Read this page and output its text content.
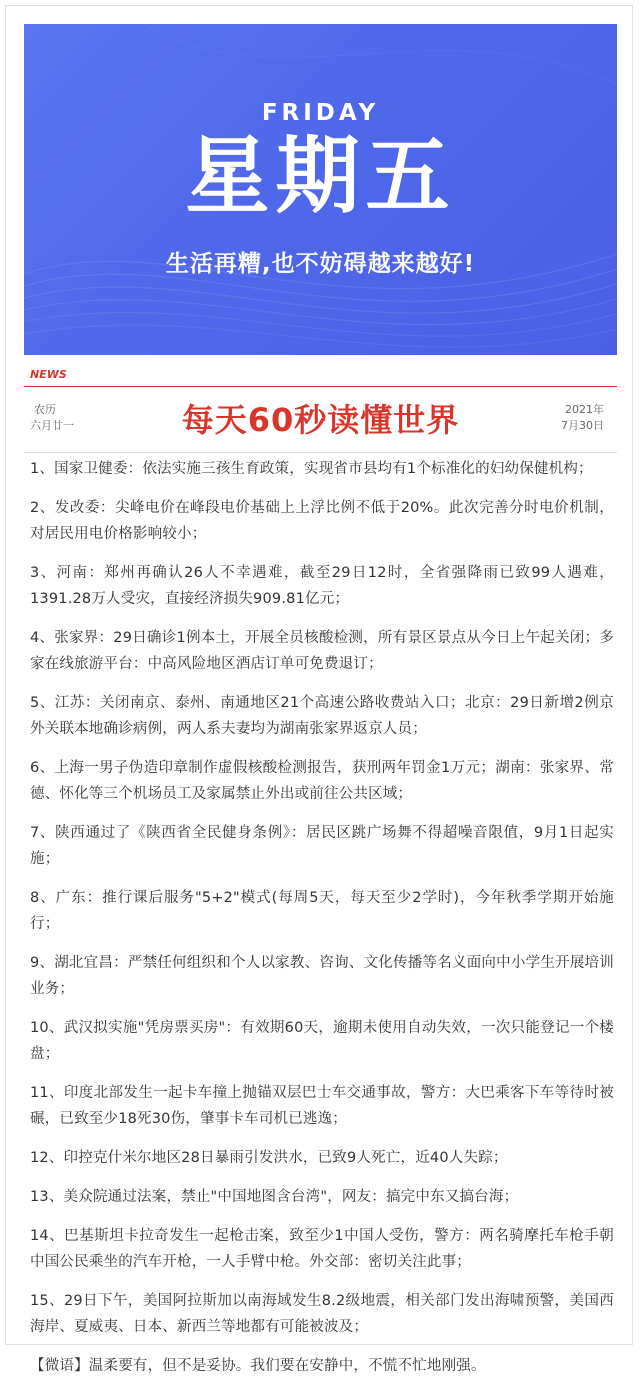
FRIDAY
星期五
生活再糟,也不妨碍越来越好!
NEWS
农历
六月廿一	每天60秒读懂世界	2021年
7月30日
1、国家卫健委：依法实施三孩生育政策，实现省市县均有1个标准化的妇幼保健机构；
2、发改委：尖峰电价在峰段电价基础上上浮比例不低于20%。此次完善分时电价机制，对居民用电价格影响较小；
3、河南：郑州再确认26人不幸遇难，截至29日12时，全省强降雨已致99人遇难，1391.28万人受灾，直接经济损失909.81亿元；
4、张家界：29日确诊1例本土，开展全员核酸检测，所有景区景点从今日上午起关闭；多家在线旅游平台：中高风险地区酒店订单可免费退订；
5、江苏：关闭南京、泰州、南通地区21个高速公路收费站入口；北京：29日新增2例京外关联本地确诊病例，两人系夫妻均为湖南张家界返京人员；
6、上海一男子伪造印章制作虚假核酸检测报告，获刑两年罚金1万元；湖南：张家界、常德、怀化等三个机场员工及家属禁止外出或前往公共区域；
7、陕西通过了《陕西省全民健身条例》：居民区跳广场舞不得超噪音限值，9月1日起实施；
8、广东：推行课后服务"5+2"模式(每周5天，每天至少2学时)，今年秋季学期开始施行；
9、湖北宜昌：严禁任何组织和个人以家教、咨询、文化传播等名义面向中小学生开展培训业务；
10、武汉拟实施"凭房票买房"：有效期60天，逾期未使用自动失效，一次只能登记一个楼盘；
11、印度北部发生一起卡车撞上抛锚双层巴士车交通事故，警方：大巴乘客下车等待时被碾，已致至少18死30伤，肇事卡车司机已逃逸；
12、印控克什米尔地区28日暴雨引发洪水，已致9人死亡，近40人失踪；
13、美众院通过法案，禁止"中国地图含台湾"，网友：搞完中东又搞台海；
14、巴基斯坦卡拉奇发生一起枪击案，致至少1中国人受伤，警方：两名骑摩托车枪手朝中国公民乘坐的汽车开枪，一人手臂中枪。外交部：密切关注此事；
15、29日下午，美国阿拉斯加以南海域发生8.2级地震，相关部门发出海啸预警，美国西海岸、夏威夷、日本、新西兰等地都有可能被波及；
【微语】温柔要有，但不是妥协。我们要在安静中，不慌不忙地刚强。
